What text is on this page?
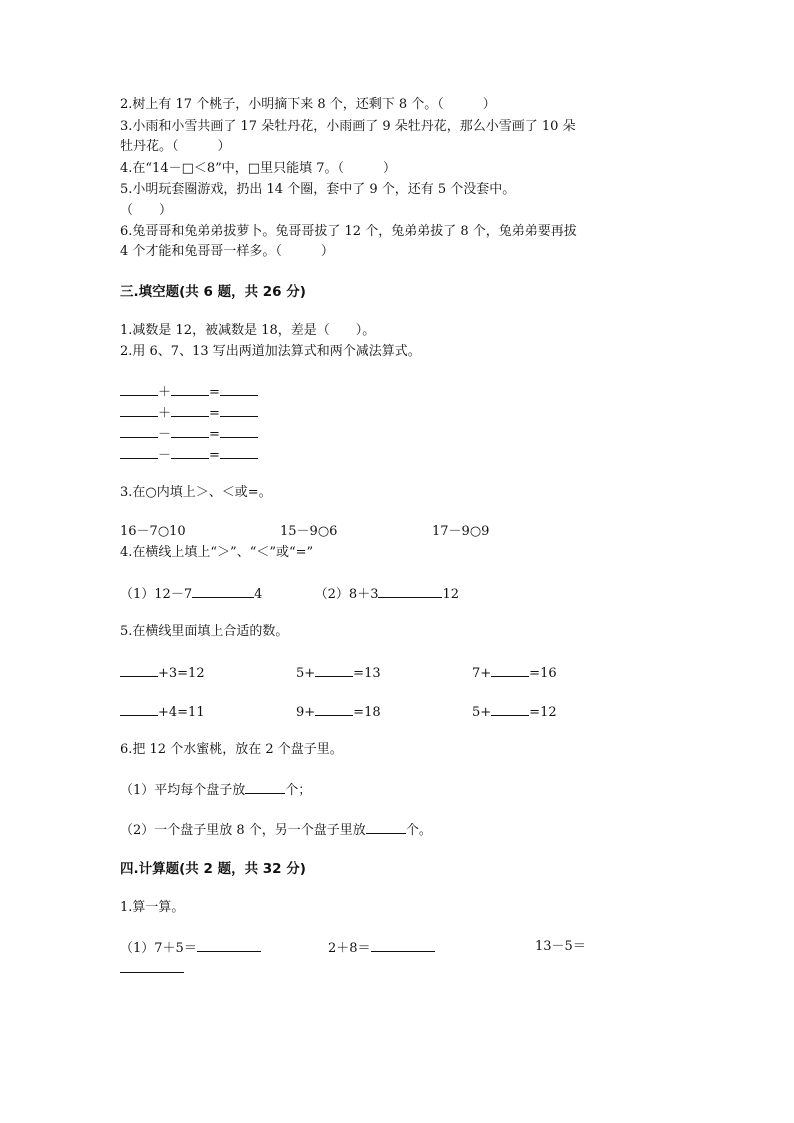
2.树上有 17 个桃子，小明摘下来 8 个，还剩下 8 个。（　　　）
3.小雨和小雪共画了 17 朵牡丹花，小雨画了 9 朵牡丹花，那么小雪画了 10 朵
牡丹花。（　　　）
4.在“14－□＜8”中，□里只能填 7。（　　　）
5.小明玩套圈游戏，扔出 14 个圈，套中了 9 个，还有 5 个没套中。
（　　）
6.兔哥哥和兔弟弟拔萝卜。兔哥哥拔了 12 个，兔弟弟拔了 8 个，兔弟弟要再拔
4 个才能和兔哥哥一样多。（　　　）
三.填空题(共 6 题，共 26 分)
1.减数是 12，被减数是 18，差是（　　）。
2.用 6、7、13 写出两道加法算式和两个减法算式。
＋	=
＋	=
－	=
－	=
3.在○内填上＞、＜或=。
16－7○10	15－9○6	17－9○9
4.在横线上填上“＞”、“＜”或“=”
（1）12－7	4	（2）8＋3	12
5.在横线里面填上合适的数。
+3=12	5+	=13	7+	=16
+4=11	9+	=18	5+	=12
6.把 12 个水蜜桃，放在 2 个盘子里。
（1）平均每个盘子放	个；
（2）一个盘子里放 8 个，另一个盘子里放	个。
四.计算题(共 2 题，共 32 分)
1.算一算。
（1）7＋5＝	2＋8＝	13－5＝
